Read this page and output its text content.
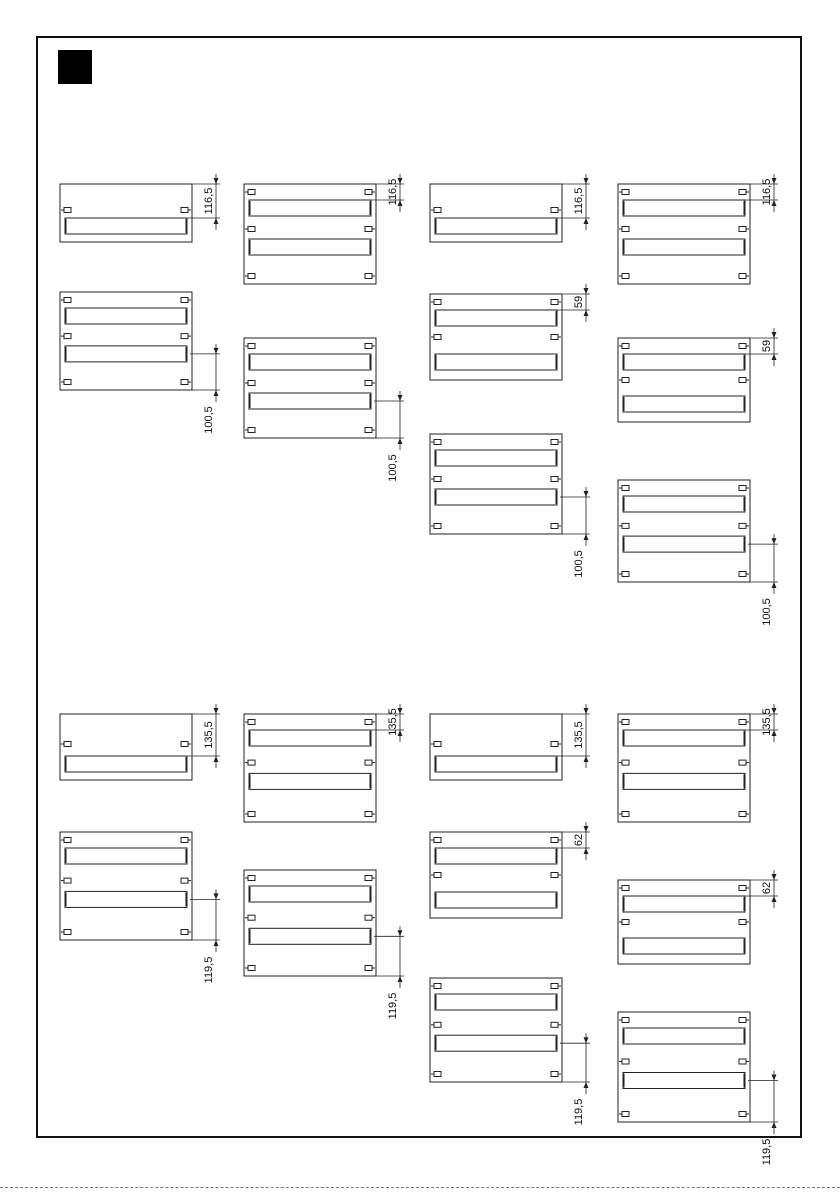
116,5
100,5
116,5
100,5
116,5
59
100,5
116,5
59
100,5
135,5
119,5
135,5
119,5
135,5
62
119,5
135,5
62
119,5
